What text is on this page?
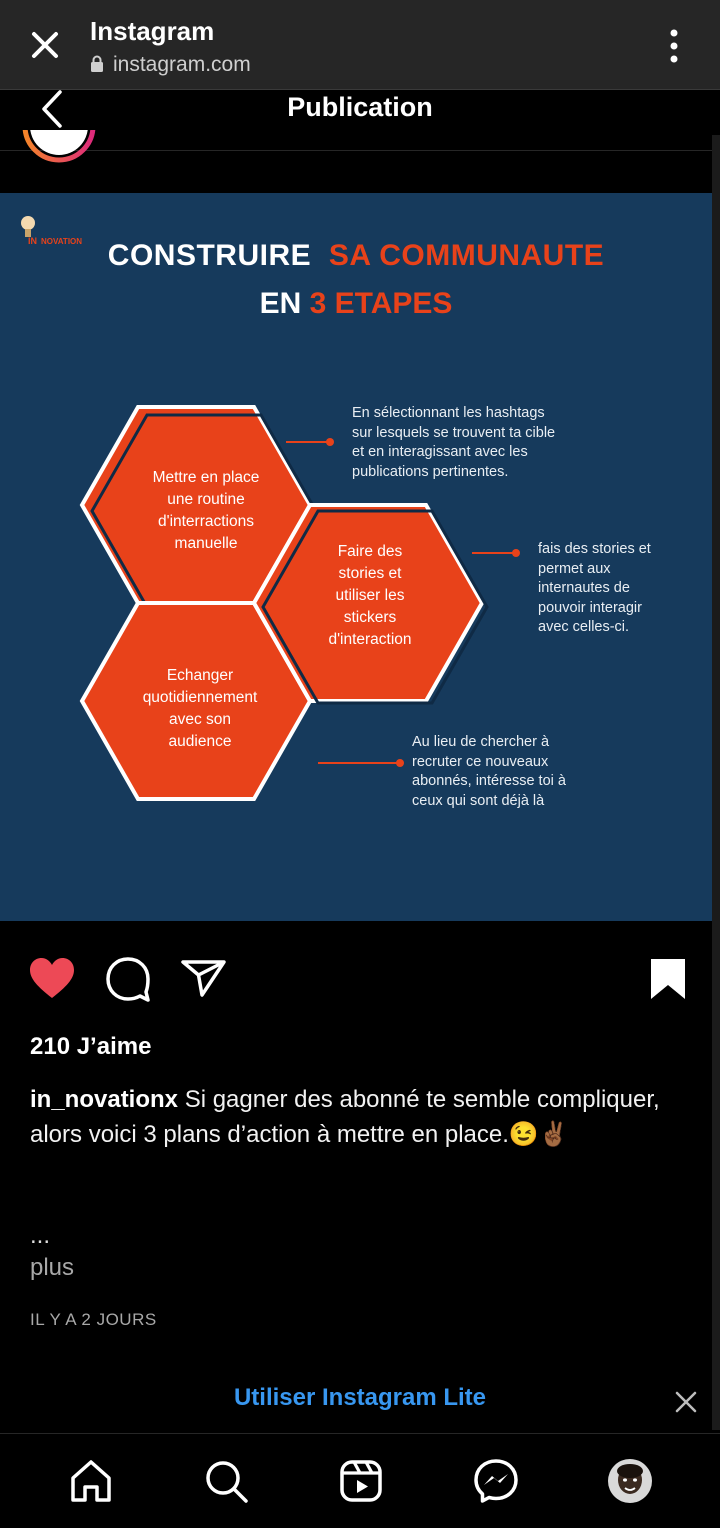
Instagram
instagram.com
Publication
IN NOVATION CONSTRUIRE SA COMMUNAUTE
EN 3 ETAPES
Mettre en place
une routine
d'interractions
manuelle	Faire des
stories et
utiliser les
stickers
d'interaction
Echanger
quotidiennement
avec son
audience
En sélectionnant les hashtags
sur lesquels se trouvent ta cible
et en interagissant avec les
publications pertinentes.
fais des stories et
permet aux
internautes de
pouvoir interagir
avec celles-ci.
Au lieu de chercher à
recruter ce nouveaux
abonnés, intéresse toi à
ceux qui sont déjà là
210 J’aime
in_novationx Si gagner des abonné te semble compliquer, alors voici 3 plans d’action à mettre en place.😉✌🏾
...
plus
IL Y A 2 JOURS
Utiliser Instagram Lite
